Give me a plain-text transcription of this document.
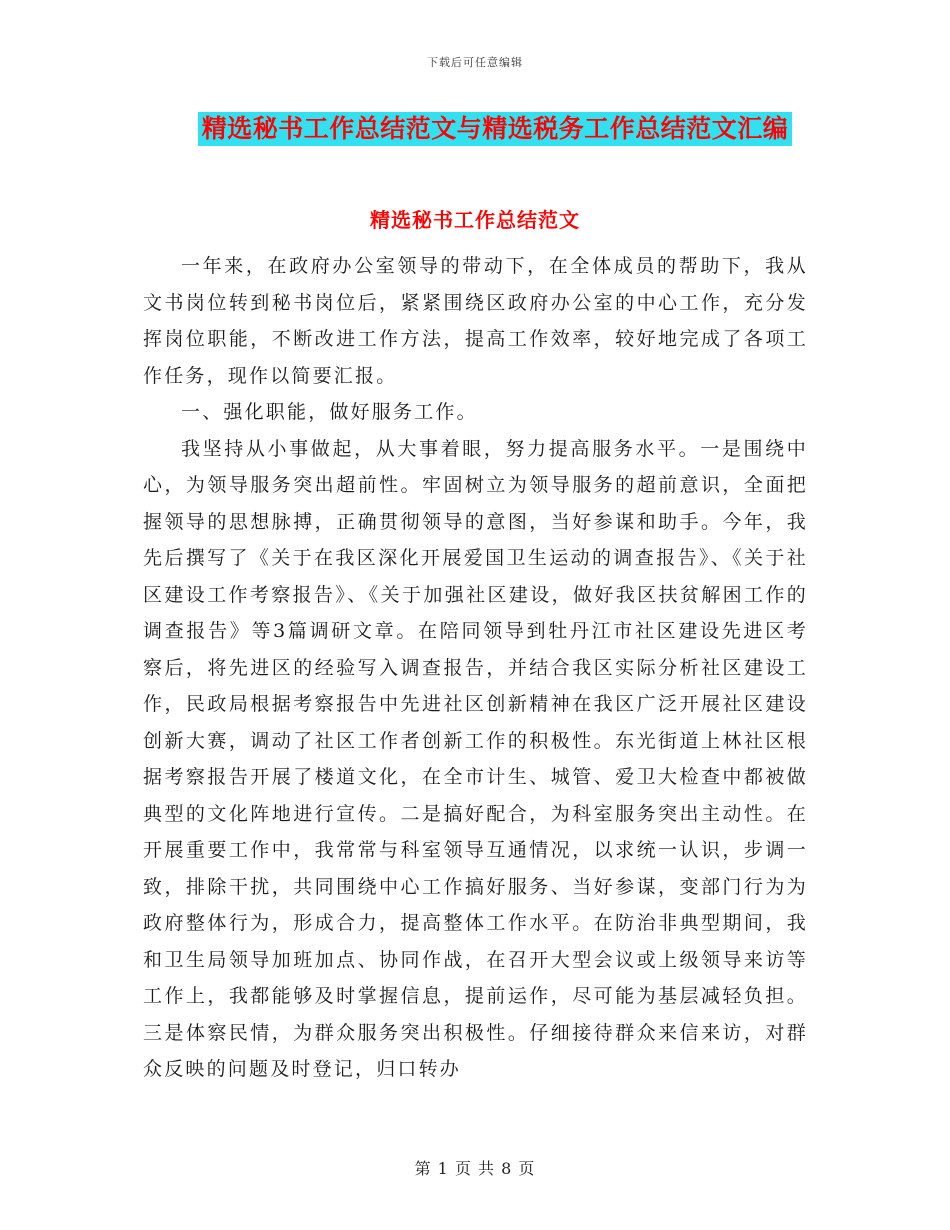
下载后可任意编辑
精选秘书工作总结范文与精选税务工作总结范文汇编
精选秘书工作总结范文

一年来，在政府办公室领导的带动下，在全体成员的帮助下，我从文书岗位转到秘书岗位后，紧紧围绕区政府办公室的中心工作，充分发挥岗位职能，不断改进工作方法，提高工作效率，较好地完成了各项工作任务，现作以简要汇报。

一、强化职能，做好服务工作。

我坚持从小事做起，从大事着眼，努力提高服务水平。一是围绕中心，为领导服务突出超前性。牢固树立为领导服务的超前意识，全面把握领导的思想脉搏，正确贯彻领导的意图，当好参谋和助手。今年，我先后撰写了《关于在我区深化开展爱国卫生运动的调查报告》、《关于社区建设工作考察报告》、《关于加强社区建设，做好我区扶贫解困工作的调查报告》等3篇调研文章。在陪同领导到牡丹江市社区建设先进区考察后，将先进区的经验写入调查报告，并结合我区实际分析社区建设工作，民政局根据考察报告中先进社区创新精神在我区广泛开展社区建设创新大赛，调动了社区工作者创新工作的积极性。东光街道上林社区根据考察报告开展了楼道文化，在全市计生、城管、爱卫大检查中都被做典型的文化阵地进行宣传。二是搞好配合，为科室服务突出主动性。在开展重要工作中，我常常与科室领导互通情况，以求统一认识，步调一致，排除干扰，共同围绕中心工作搞好服务、当好参谋，变部门行为为政府整体行为，形成合力，提高整体工作水平。在防治非典型期间，我和卫生局领导加班加点、协同作战，在召开大型会议或上级领导来访等工作上，我都能够及时掌握信息，提前运作，尽可能为基层减轻负担。三是体察民情，为群众服务突出积极性。仔细接待群众来信来访，对群众反映的问题及时登记，归口转办

第 1 页 共 8 页
